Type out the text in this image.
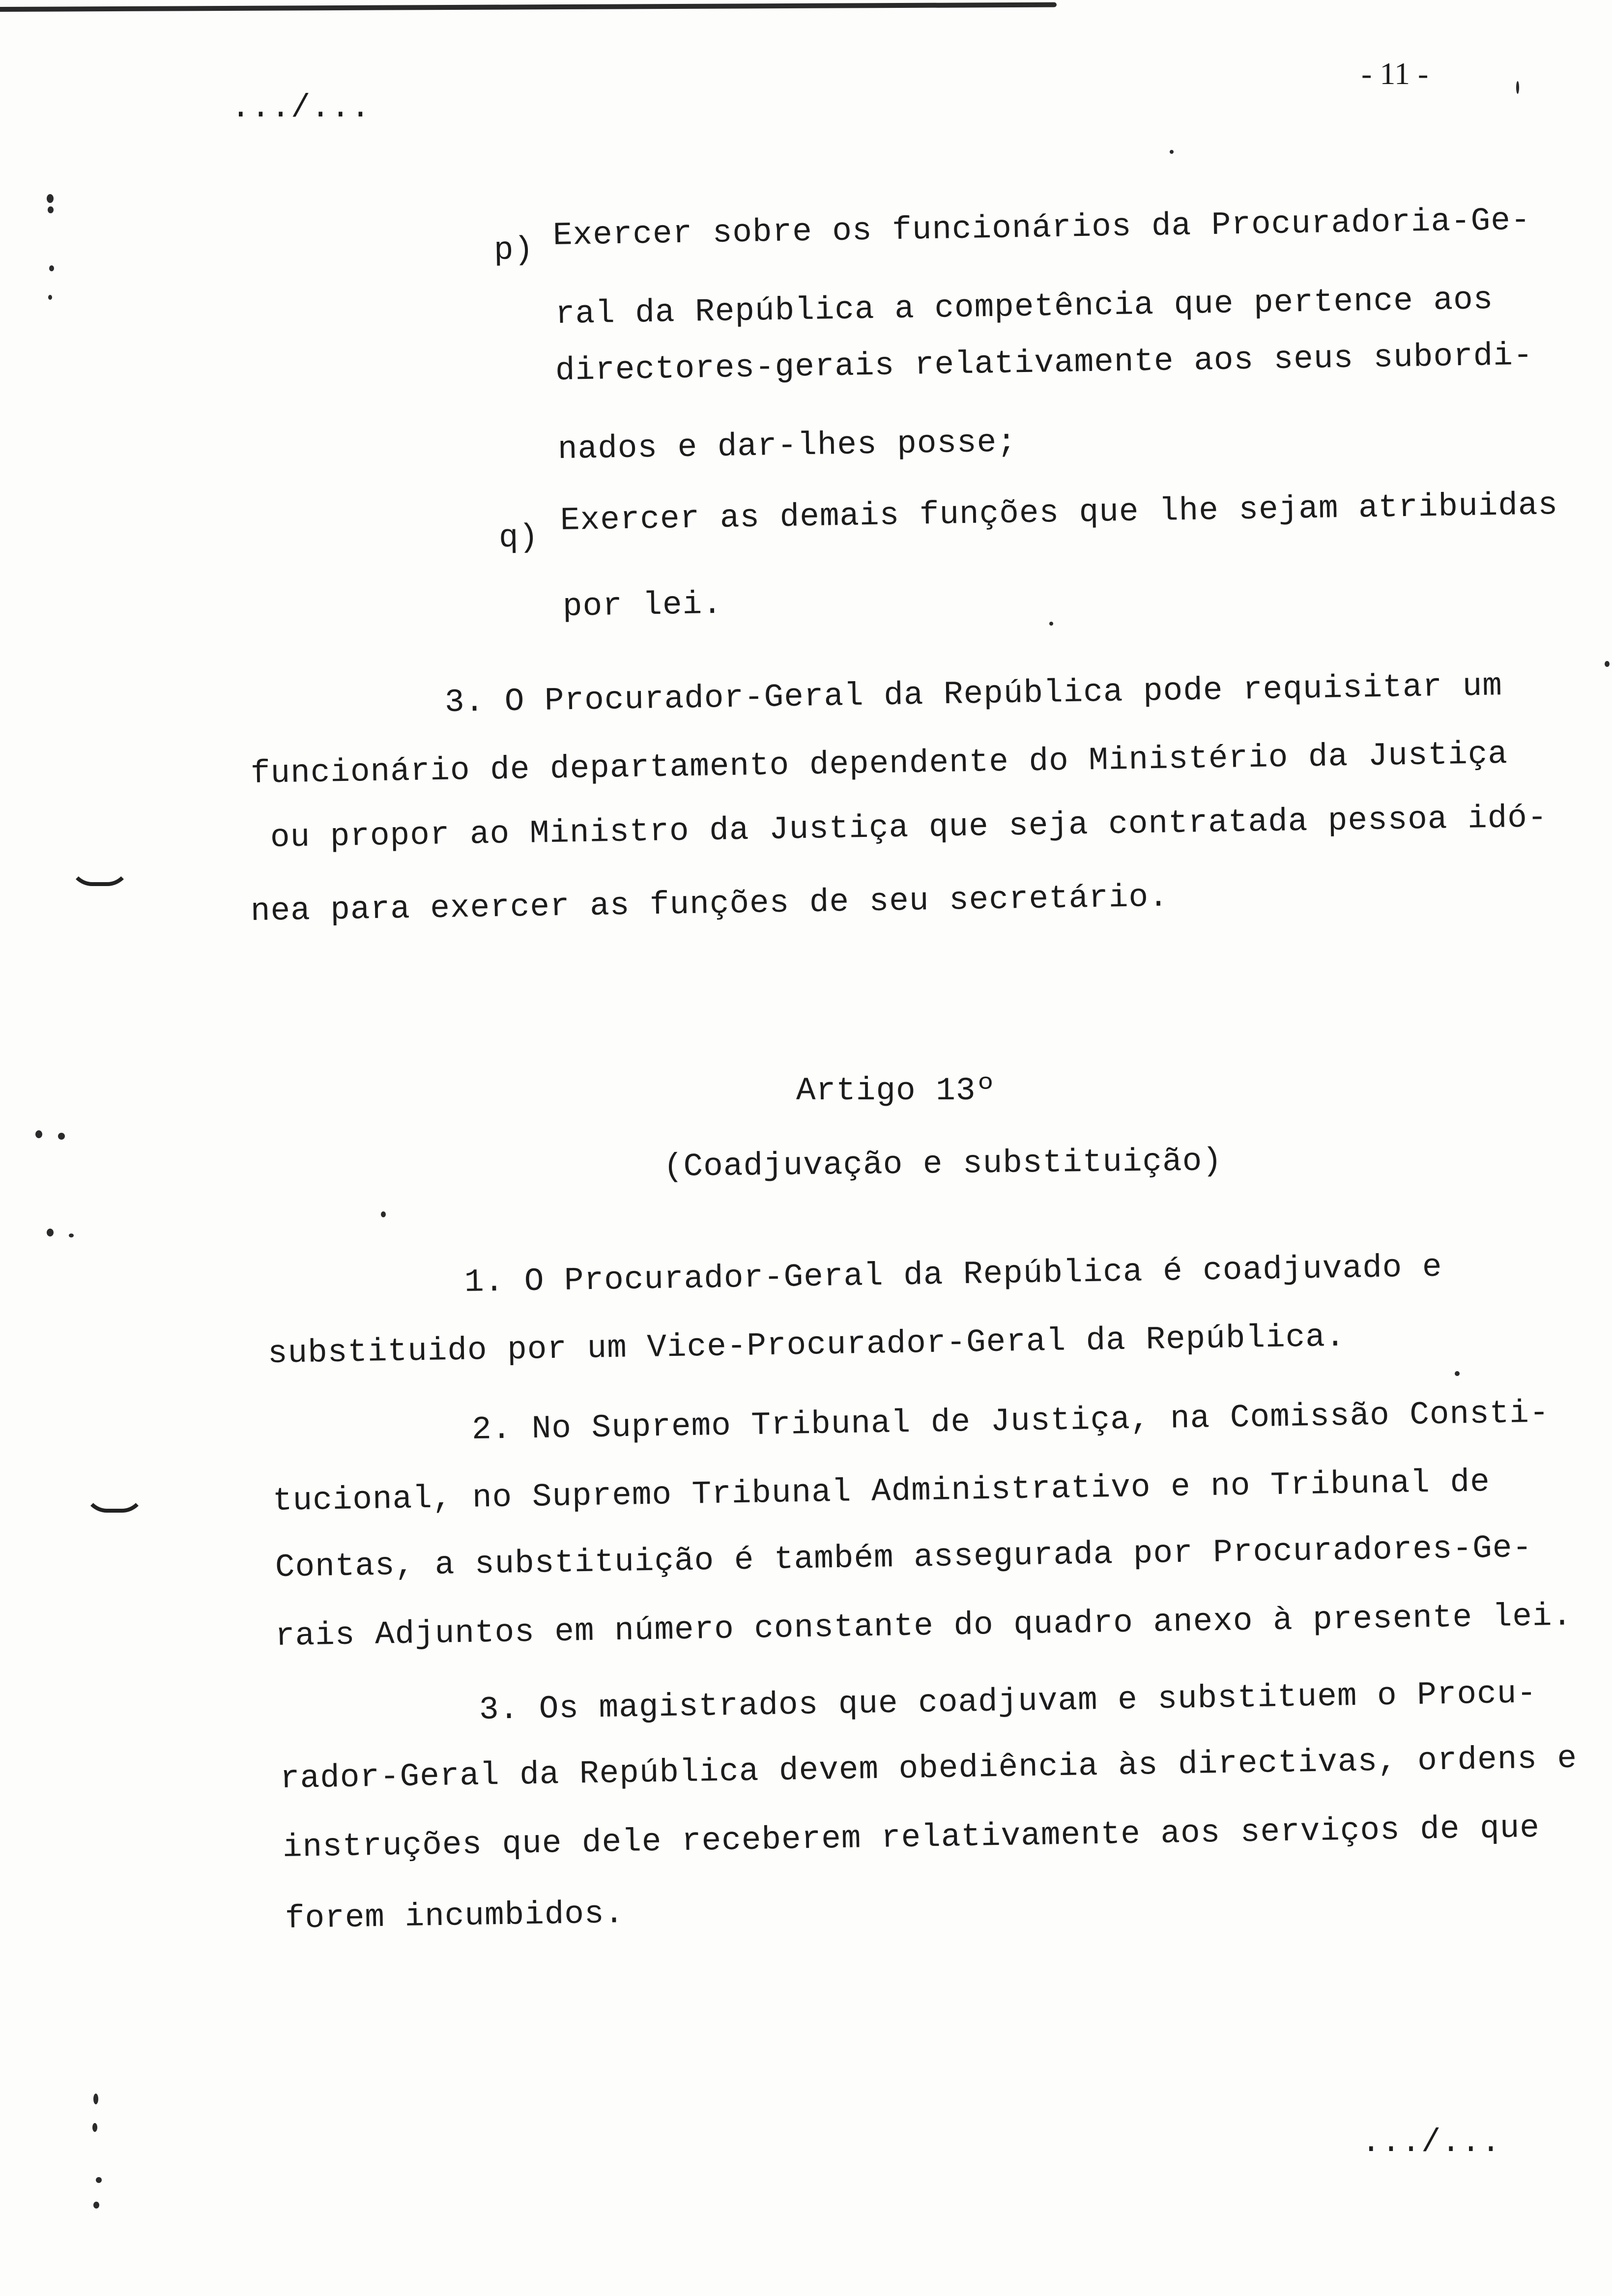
.../...
- 11 -
p) Exercer sobre os funcionários da Procuradoria-Ge-
ral da República a competência que pertence aos
directores-gerais relativamente aos seus subordi-
nados e dar-lhes posse;
q) Exercer as demais funções que lhe sejam atribuidas
por lei.
3. O Procurador-Geral da República pode requisitar um
funcionário de departamento dependente do Ministério da Justiça
ou propor ao Ministro da Justiça que seja contratada pessoa idó-
nea para exercer as funções de seu secretário.
Artigo 13º
(Coadjuvação e substituição)
1. O Procurador-Geral da República é coadjuvado e
substituido por um Vice-Procurador-Geral da República.
2. No Supremo Tribunal de Justiça, na Comissão Consti-
tucional, no Supremo Tribunal Administrativo e no Tribunal de
Contas, a substituição é também assegurada por Procuradores-Ge-
rais Adjuntos em número constante do quadro anexo à presente lei.
3. Os magistrados que coadjuvam e substituem o Procu-
rador-Geral da República devem obediência às directivas, ordens e
instruções que dele receberem relativamente aos serviços de que
forem incumbidos.
.../...
